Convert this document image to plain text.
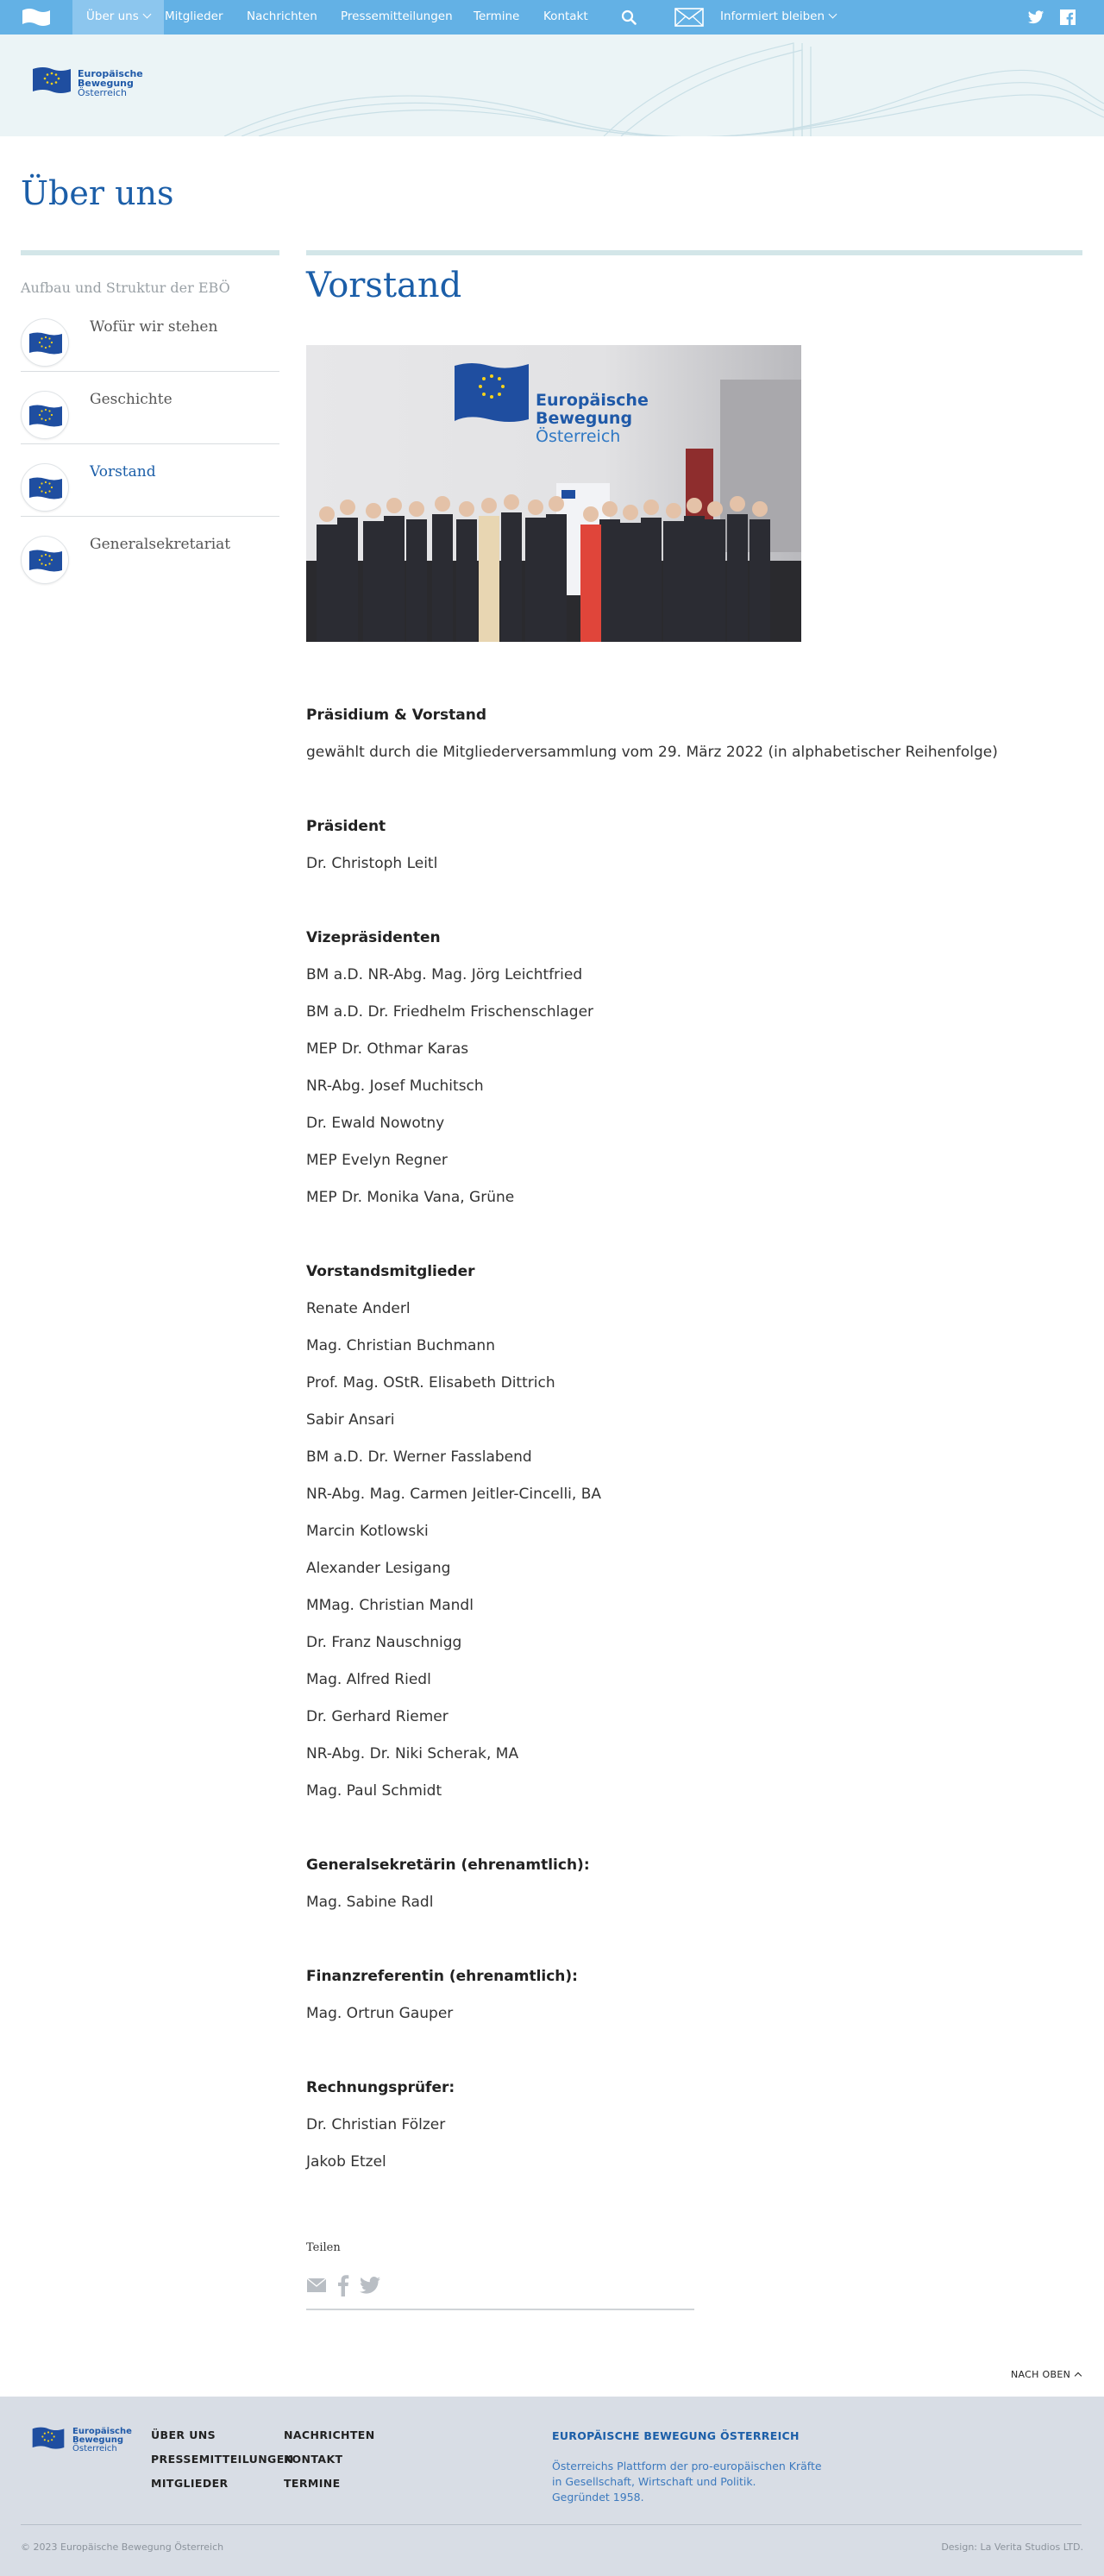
Über uns	Mitglieder Nachrichten Pressemitteilungen Termine Kontakt	Informiert bleiben
Europäische
Bewegung
Österreich
Über uns
Aufbau und Struktur der EBÖ
Wofür wir stehen
Geschichte
Vorstand
Generalsekretariat
Vorstand
Europäische
Bewegung
Österreich
Präsidium & Vorstand
gewählt durch die Mitgliederversammlung vom 29. März 2022 (in alphabetischer Reihenfolge)
Präsident
Dr. Christoph Leitl
Vizepräsidenten
BM a.D. NR-Abg. Mag. Jörg Leichtfried
BM a.D. Dr. Friedhelm Frischenschlager
MEP Dr. Othmar Karas
NR-Abg. Josef Muchitsch
Dr. Ewald Nowotny
MEP Evelyn Regner
MEP Dr. Monika Vana, Grüne
Vorstandsmitglieder
Renate Anderl
Mag. Christian Buchmann
Prof. Mag. OStR. Elisabeth Dittrich
Sabir Ansari
BM a.D. Dr. Werner Fasslabend
NR-Abg. Mag. Carmen Jeitler-Cincelli, BA
Marcin Kotlowski
Alexander Lesigang
MMag. Christian Mandl
Dr. Franz Nauschnigg
Mag. Alfred Riedl
Dr. Gerhard Riemer
NR-Abg. Dr. Niki Scherak, MA
Mag. Paul Schmidt
Generalsekretärin (ehrenamtlich):
Mag. Sabine Radl
Finanzreferentin (ehrenamtlich):
Mag. Ortrun Gauper
Rechnungsprüfer:
Dr. Christian Fölzer
Jakob Etzel
Teilen
NACH OBEN
Europäische
Bewegung
Österreich
ÜBER UNS
PRESSEMITTEILUNGEN
MITGLIEDER
NACHRICHTEN
KONTAKT
TERMINE
EUROPÄISCHE BEWEGUNG ÖSTERREICH
Österreichs Plattform der pro-europäischen Kräfte
in Gesellschaft, Wirtschaft und Politik.
Gegründet 1958.
© 2023 Europäische Bewegung Österreich	Design: La Verita Studios LTD.
